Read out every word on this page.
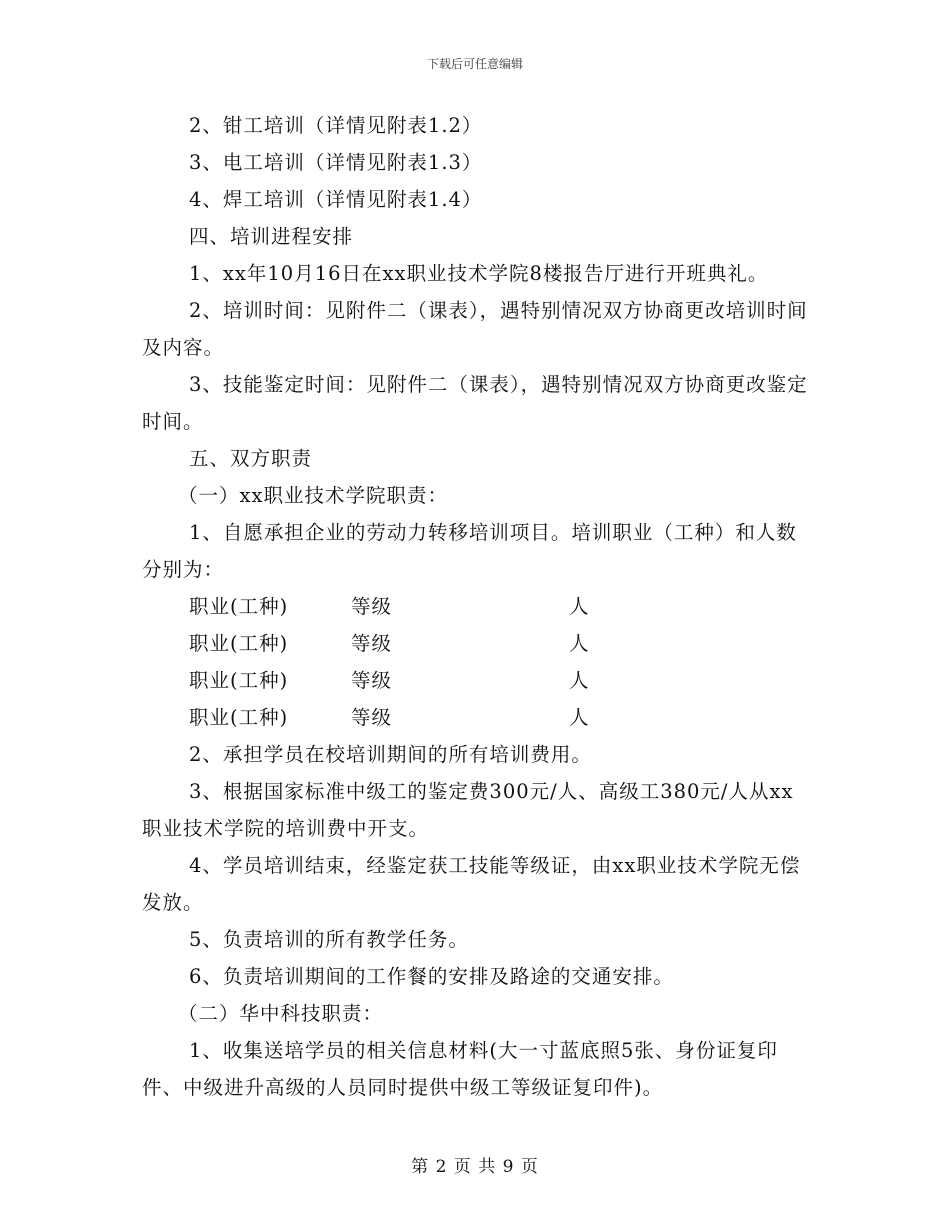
下载后可任意编辑

2、钳工培训（详情见附表1.2）

3、电工培训（详情见附表1.3）

4、焊工培训（详情见附表1.4）

四、培训进程安排

1、xx年10月16日在xx职业技术学院8楼报告厅进行开班典礼。

2、培训时间：见附件二（课表），遇特别情况双方协商更改培训时间及内容。

3、技能鉴定时间：见附件二（课表），遇特别情况双方协商更改鉴定时间。

五、双方职责

（一）xx职业技术学院职责：

1、自愿承担企业的劳动力转移培训项目。培训职业（工种）和人数分别为：

职业(工种)	等级	人
职业(工种)	等级	人
职业(工种)	等级	人
职业(工种)	等级	人

2、承担学员在校培训期间的所有培训费用。

3、根据国家标准中级工的鉴定费300元/人、高级工380元/人从xx职业技术学院的培训费中开支。

4、学员培训结束，经鉴定获工技能等级证，由xx职业技术学院无偿发放。

5、负责培训的所有教学任务。

6、负责培训期间的工作餐的安排及路途的交通安排。

（二）华中科技职责：

1、收集送培学员的相关信息材料(大一寸蓝底照5张、身份证复印件、中级进升高级的人员同时提供中级工等级证复印件)。

第 2 页 共 9 页
